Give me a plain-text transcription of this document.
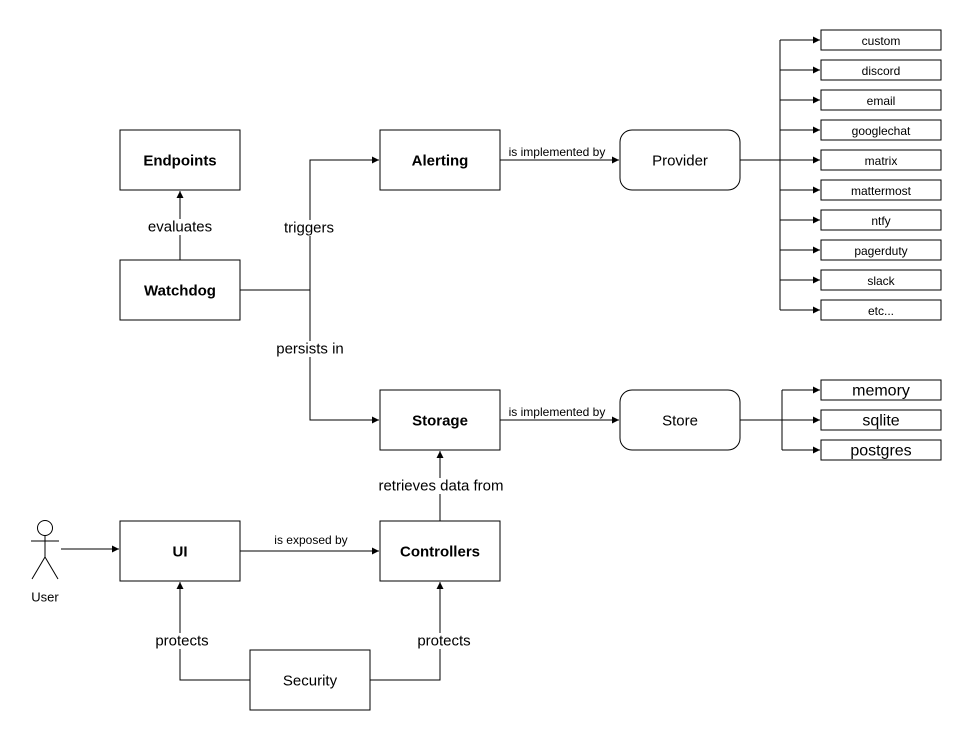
Endpoints
Watchdog
Alerting	Provider
Storage	Store
UI	Controllers
Security
User
custom
discord
email
googlechat
matrix
mattermost
ntfy
pagerduty
slack
etc...
memory
sqlite
postgres
evaluates	triggers
persists in
is implemented by
is implemented by
retrieves data from
is exposed by
protects	protects
